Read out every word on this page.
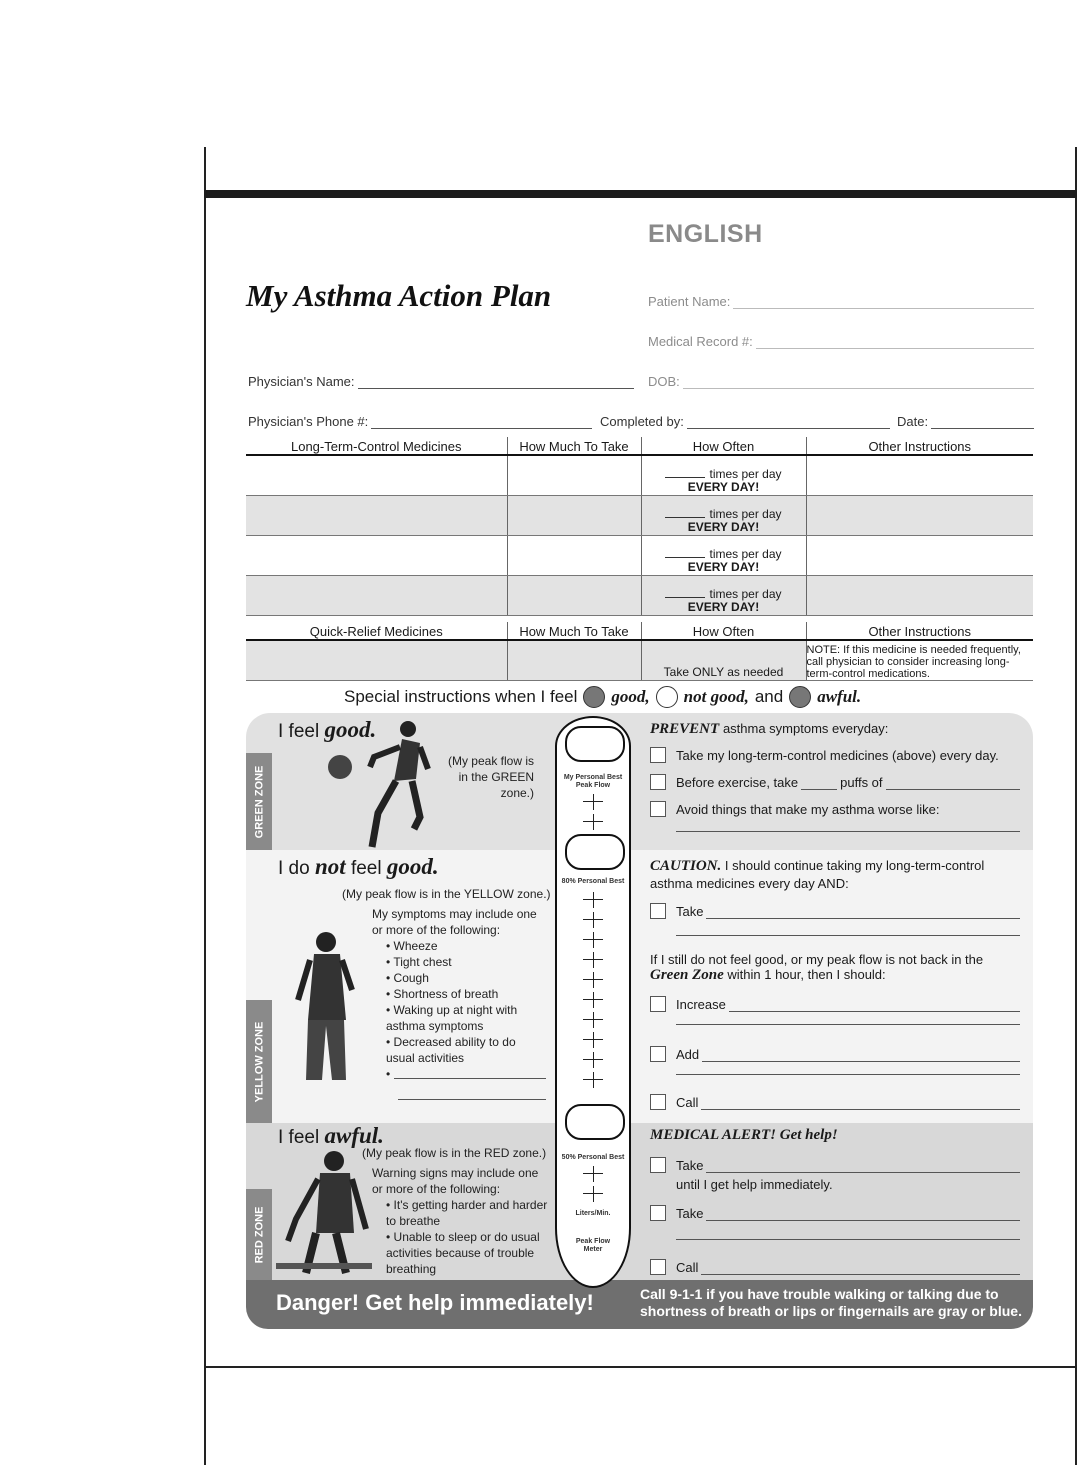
ENGLISH
My Asthma Action Plan	Patient Name:
Medical Record #:
Physician's Name:	DOB:
Physician's Phone #:	Completed by:	Date:
Long-Term-Control Medicines	How Much To Take	How Often	Other Instructions
		times per day
EVERY DAY!	

		times per day
EVERY DAY!	

		times per day
EVERY DAY!	

		times per day
EVERY DAY!	

Quick-Relief Medicines	How Much To Take	How Often	Other Instructions
		Take ONLY as needed	NOTE: If this medicine is needed frequently, call physician to consider increasing long-term-control medications.
Special instructions when I feel good, not good, and awful.
GREEN ZONE
I feel good.
(My peak flow is
in the GREEN zone.)
YELLOW ZONE
I do not feel good.
(My peak flow is in the YELLOW zone.)
My symptoms may include one or more of the following:
• Wheeze
• Tight chest
• Cough
• Shortness of breath
• Waking up at night with asthma symptoms
• Decreased ability to do usual activities
•
RED ZONE
I feel awful.
(My peak flow is in the RED zone.)
Warning signs may include one or more of the following:
• It's getting harder and harder to breathe
• Unable to sleep or do usual activities because of trouble breathing
Danger! Get help immediately!	Call 9-1-1 if you have trouble walking or talking due to shortness of breath or lips or fingernails are gray or blue.
My Personal Best Peak Flow
80% Personal Best
50% Personal Best
Liters/Min.
Peak Flow Meter
PREVENT asthma symptoms everyday:
Take my long-term-control medicines (above) every day.
Before exercise, take	puffs of
Avoid things that make my asthma worse like:
CAUTION. I should continue taking my long-term-control asthma medicines every day AND:
Take
If I still do not feel good, or my peak flow is not back in the Green Zone within 1 hour, then I should:
Increase
Add
Call
MEDICAL ALERT! Get help!
Take
until I get help immediately.
Take
Call
